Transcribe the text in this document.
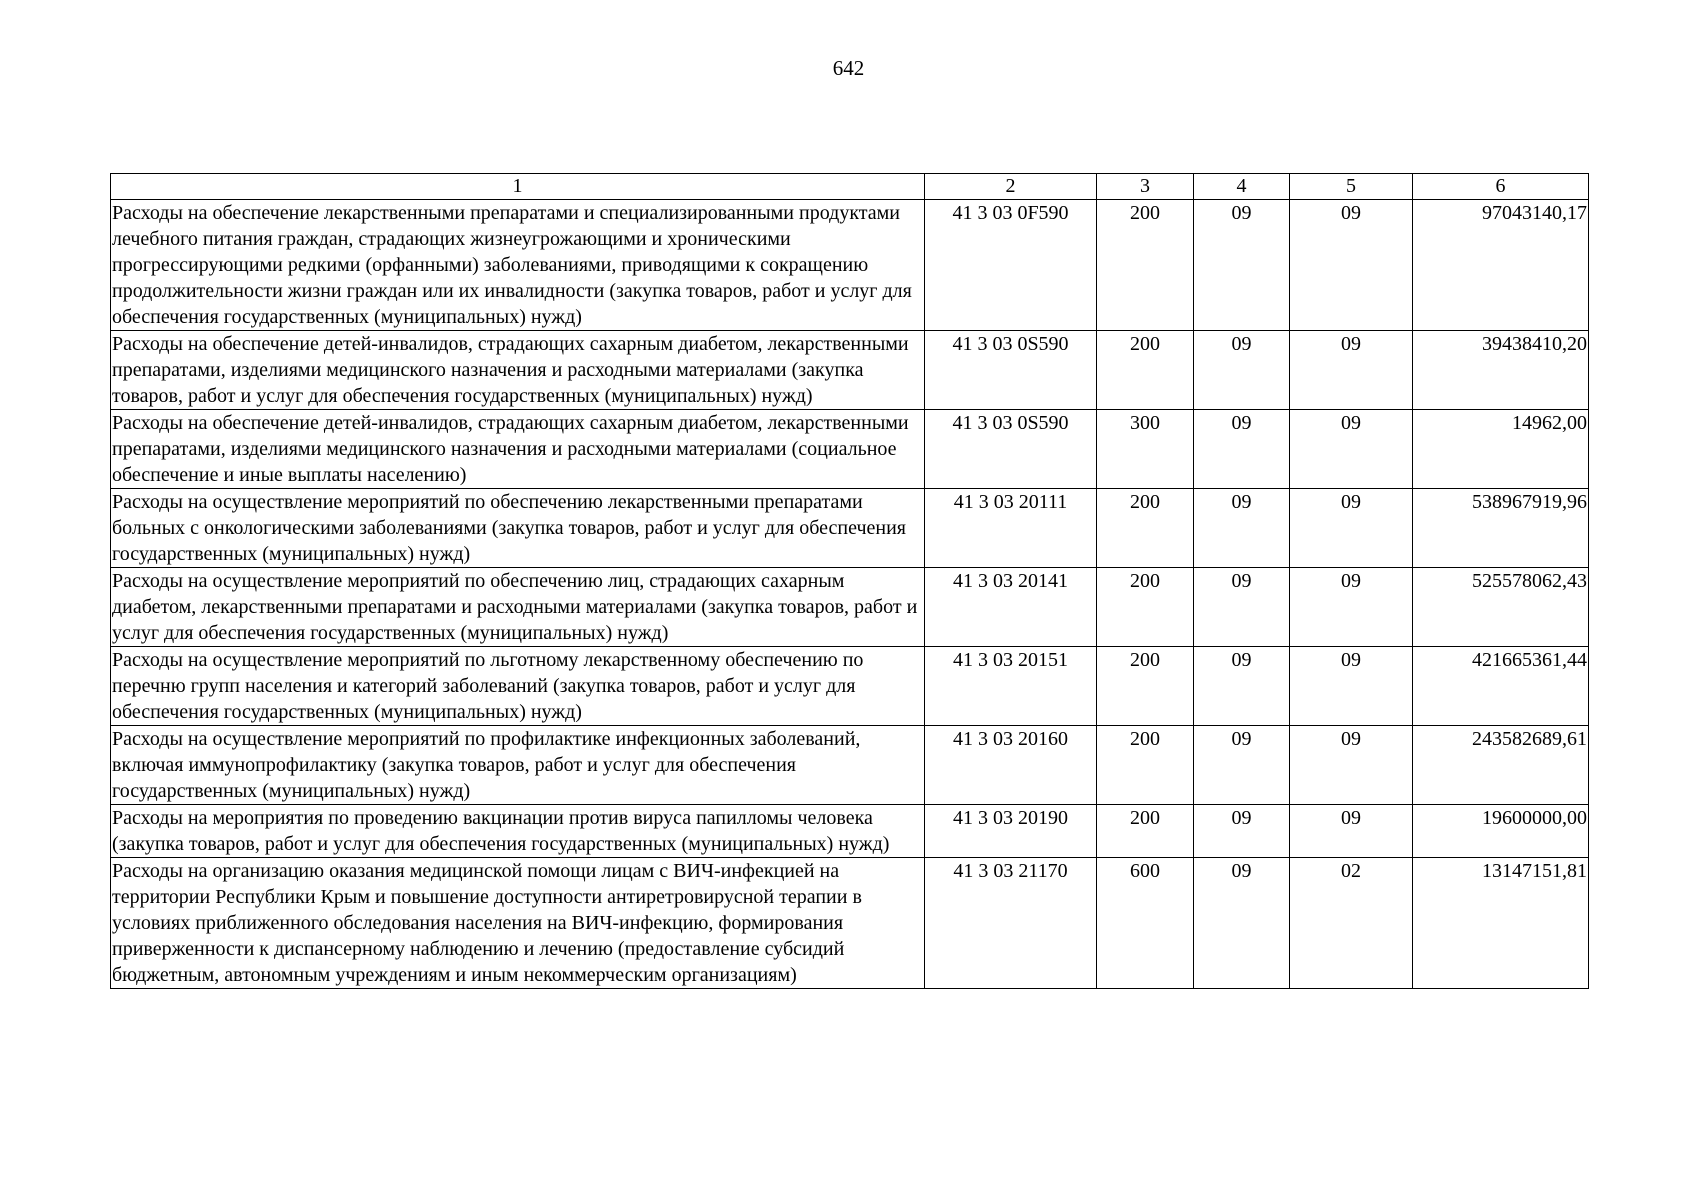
642
1	2	3	4	5	6
Расходы на обеспечение лекарственными препаратами и специализированными продуктами лечебного питания граждан, страдающих жизнеугрожающими и хроническими прогрессирующими редкими (орфанными) заболеваниями, приводящими к сокращению продолжительности жизни граждан или их инвалидности (закупка товаров, работ и услуг для обеспечения государственных (муниципальных) нужд)	41 3 03 0F590	200	09	09	97043140,17
Расходы на обеспечение детей-инвалидов, страдающих сахарным диабетом, лекарственными препаратами, изделиями медицинского назначения и расходными материалами (закупка товаров, работ и услуг для обеспечения государственных (муниципальных) нужд)	41 3 03 0S590	200	09	09	39438410,20
Расходы на обеспечение детей-инвалидов, страдающих сахарным диабетом, лекарственными препаратами, изделиями медицинского назначения и расходными материалами (социальное обеспечение и иные выплаты населению)	41 3 03 0S590	300	09	09	14962,00
Расходы на осуществление мероприятий по обеспечению лекарственными препаратами больных с онкологическими заболеваниями (закупка товаров, работ и услуг для обеспечения государственных (муниципальных) нужд)	41 3 03 20111	200	09	09	538967919,96
Расходы на осуществление мероприятий по обеспечению лиц, страдающих сахарным диабетом, лекарственными препаратами и расходными материалами (закупка товаров, работ и услуг для обеспечения государственных (муниципальных) нужд)	41 3 03 20141	200	09	09	525578062,43
Расходы на осуществление мероприятий по льготному лекарственному обеспечению по перечню групп населения и категорий заболеваний (закупка товаров, работ и услуг для обеспечения государственных (муниципальных) нужд)	41 3 03 20151	200	09	09	421665361,44
Расходы на осуществление мероприятий по профилактике инфекционных заболеваний, включая иммунопрофилактику (закупка товаров, работ и услуг для обеспечения государственных (муниципальных) нужд)	41 3 03 20160	200	09	09	243582689,61
Расходы на мероприятия по проведению вакцинации против вируса папилломы человека (закупка товаров, работ и услуг для обеспечения государственных (муниципальных) нужд)	41 3 03 20190	200	09	09	19600000,00
Расходы на организацию оказания медицинской помощи лицам с ВИЧ-инфекцией на территории Республики Крым и повышение доступности антиретровирусной терапии в условиях приближенного обследования населения на ВИЧ-инфекцию, формирования приверженности к диспансерному наблюдению и лечению (предоставление субсидий бюджетным, автономным учреждениям и иным некоммерческим организациям)	41 3 03 21170	600	09	02	13147151,81
